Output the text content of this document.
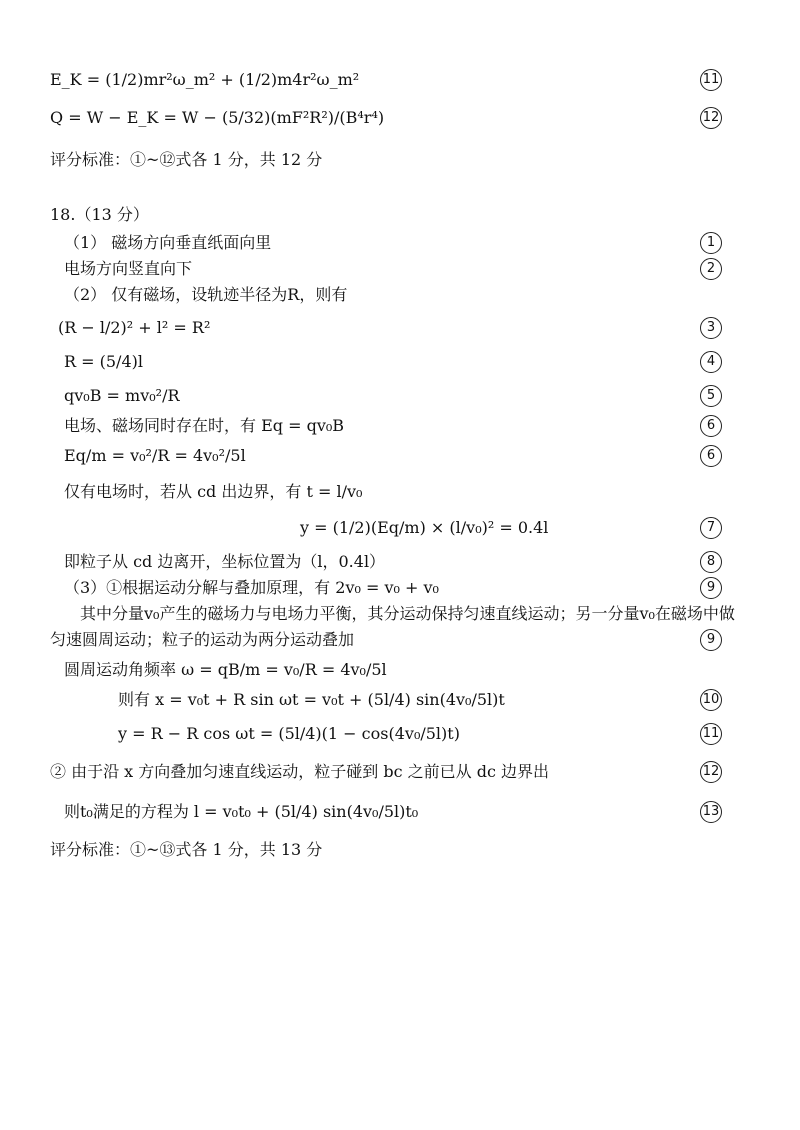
E_K = (1/2)mr²ω_m² + (1/2)m4r²ω_m²	11
Q = W − E_K = W − (5/32)(mF²R²)/(B⁴r⁴)	12
评分标准：①~⑫式各 1 分，共 12 分
18.（13 分）
（1） 磁场方向垂直纸面向里	1
电场方向竖直向下	2
（2） 仅有磁场，设轨迹半径为R，则有
(R − l/2)² + l² = R²	3
R = (5/4)l	4
qv₀B = mv₀²/R	5
电场、磁场同时存在时，有 Eq = qv₀B	6
Eq/m = v₀²/R = 4v₀²/5l	6
仅有电场时，若从 cd 出边界，有 t = l/v₀
y = (1/2)(Eq/m) × (l/v₀)² = 0.4l	7
即粒子从 cd 边离开，坐标位置为（l，0.4l）	8
（3）①根据运动分解与叠加原理，有 2v₀ = v₀ + v₀	9
其中分量v₀产生的磁场力与电场力平衡，其分运动保持匀速直线运动；另一分量v₀在磁场中做
匀速圆周运动；粒子的运动为两分运动叠加	9
圆周运动角频率 ω = qB/m = v₀/R = 4v₀/5l
则有 x = v₀t + R sin ωt = v₀t + (5l/4) sin(4v₀/5l)t	10
y = R − R cos ωt = (5l/4)(1 − cos(4v₀/5l)t)	11
② 由于沿 x 方向叠加匀速直线运动，粒子碰到 bc 之前已从 dc 边界出	12
则t₀满足的方程为 l = v₀t₀ + (5l/4) sin(4v₀/5l)t₀	13
评分标准：①~⑬式各 1 分，共 13 分
